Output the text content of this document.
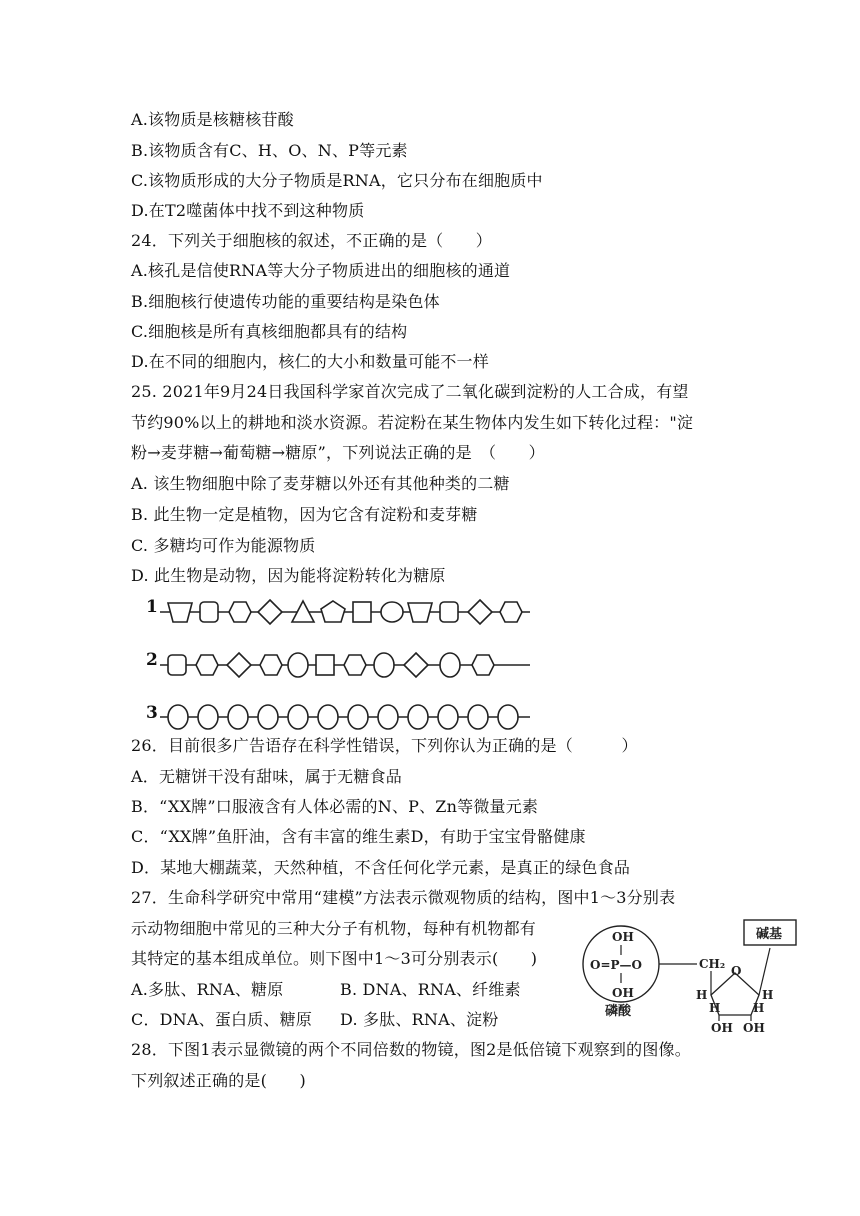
A.该物质是核糖核苷酸
B.该物质含有C、H、O、N、P等元素
C.该物质形成的大分子物质是RNA，它只分布在细胞质中
D.在T2噬菌体中找不到这种物质
24．下列关于细胞核的叙述，不正确的是（　　）
A.核孔是信使RNA等大分子物质进出的细胞核的通道
B.细胞核行使遗传功能的重要结构是染色体
C.细胞核是所有真核细胞都具有的结构
D.在不同的细胞内，核仁的大小和数量可能不一样
25. 2021年9月24日我国科学家首次完成了二氧化碳到淀粉的人工合成，有望
节约90%以上的耕地和淡水资源。若淀粉在某生物体内发生如下转化过程："淀
粉→麦芽糖→葡萄糖→糖原”，下列说法正确的是　（　　）
A. 该生物细胞中除了麦芽糖以外还有其他种类的二糖
B. 此生物一定是植物，因为它含有淀粉和麦芽糖
C. 多糖均可作为能源物质
D. 此生物是动物，因为能将淀粉转化为糖原
1
2
3
26．目前很多广告语存在科学性错误，下列你认为正确的是（　　　）
A．无糖饼干没有甜味，属于无糖食品
B．“XX牌”口服液含有人体必需的N、P、Zn等微量元素
C．“XX牌”鱼肝油，含有丰富的维生素D，有助于宝宝骨骼健康
D．某地大棚蔬菜，天然种植，不含任何化学元素，是真正的绿色食品
27．生命科学研究中常用“建模”方法表示微观物质的结构，图中1～3分别表
示动物细胞中常见的三种大分子有机物，每种有机物都有
其特定的基本组成单位。则下图中1～3可分别表示(　　)
A.多肽、RNA、糖原	B. DNA、RNA、纤维素
C．DNA、蛋白质、糖原 D. 多肽、RNA、淀粉
OH
O=P—O
OH
磷酸
CH₂ O
H	H
H	H
OH OH
碱基
28．下图1表示显微镜的两个不同倍数的物镜，图2是低倍镜下观察到的图像。
下列叙述正确的是(　　)
